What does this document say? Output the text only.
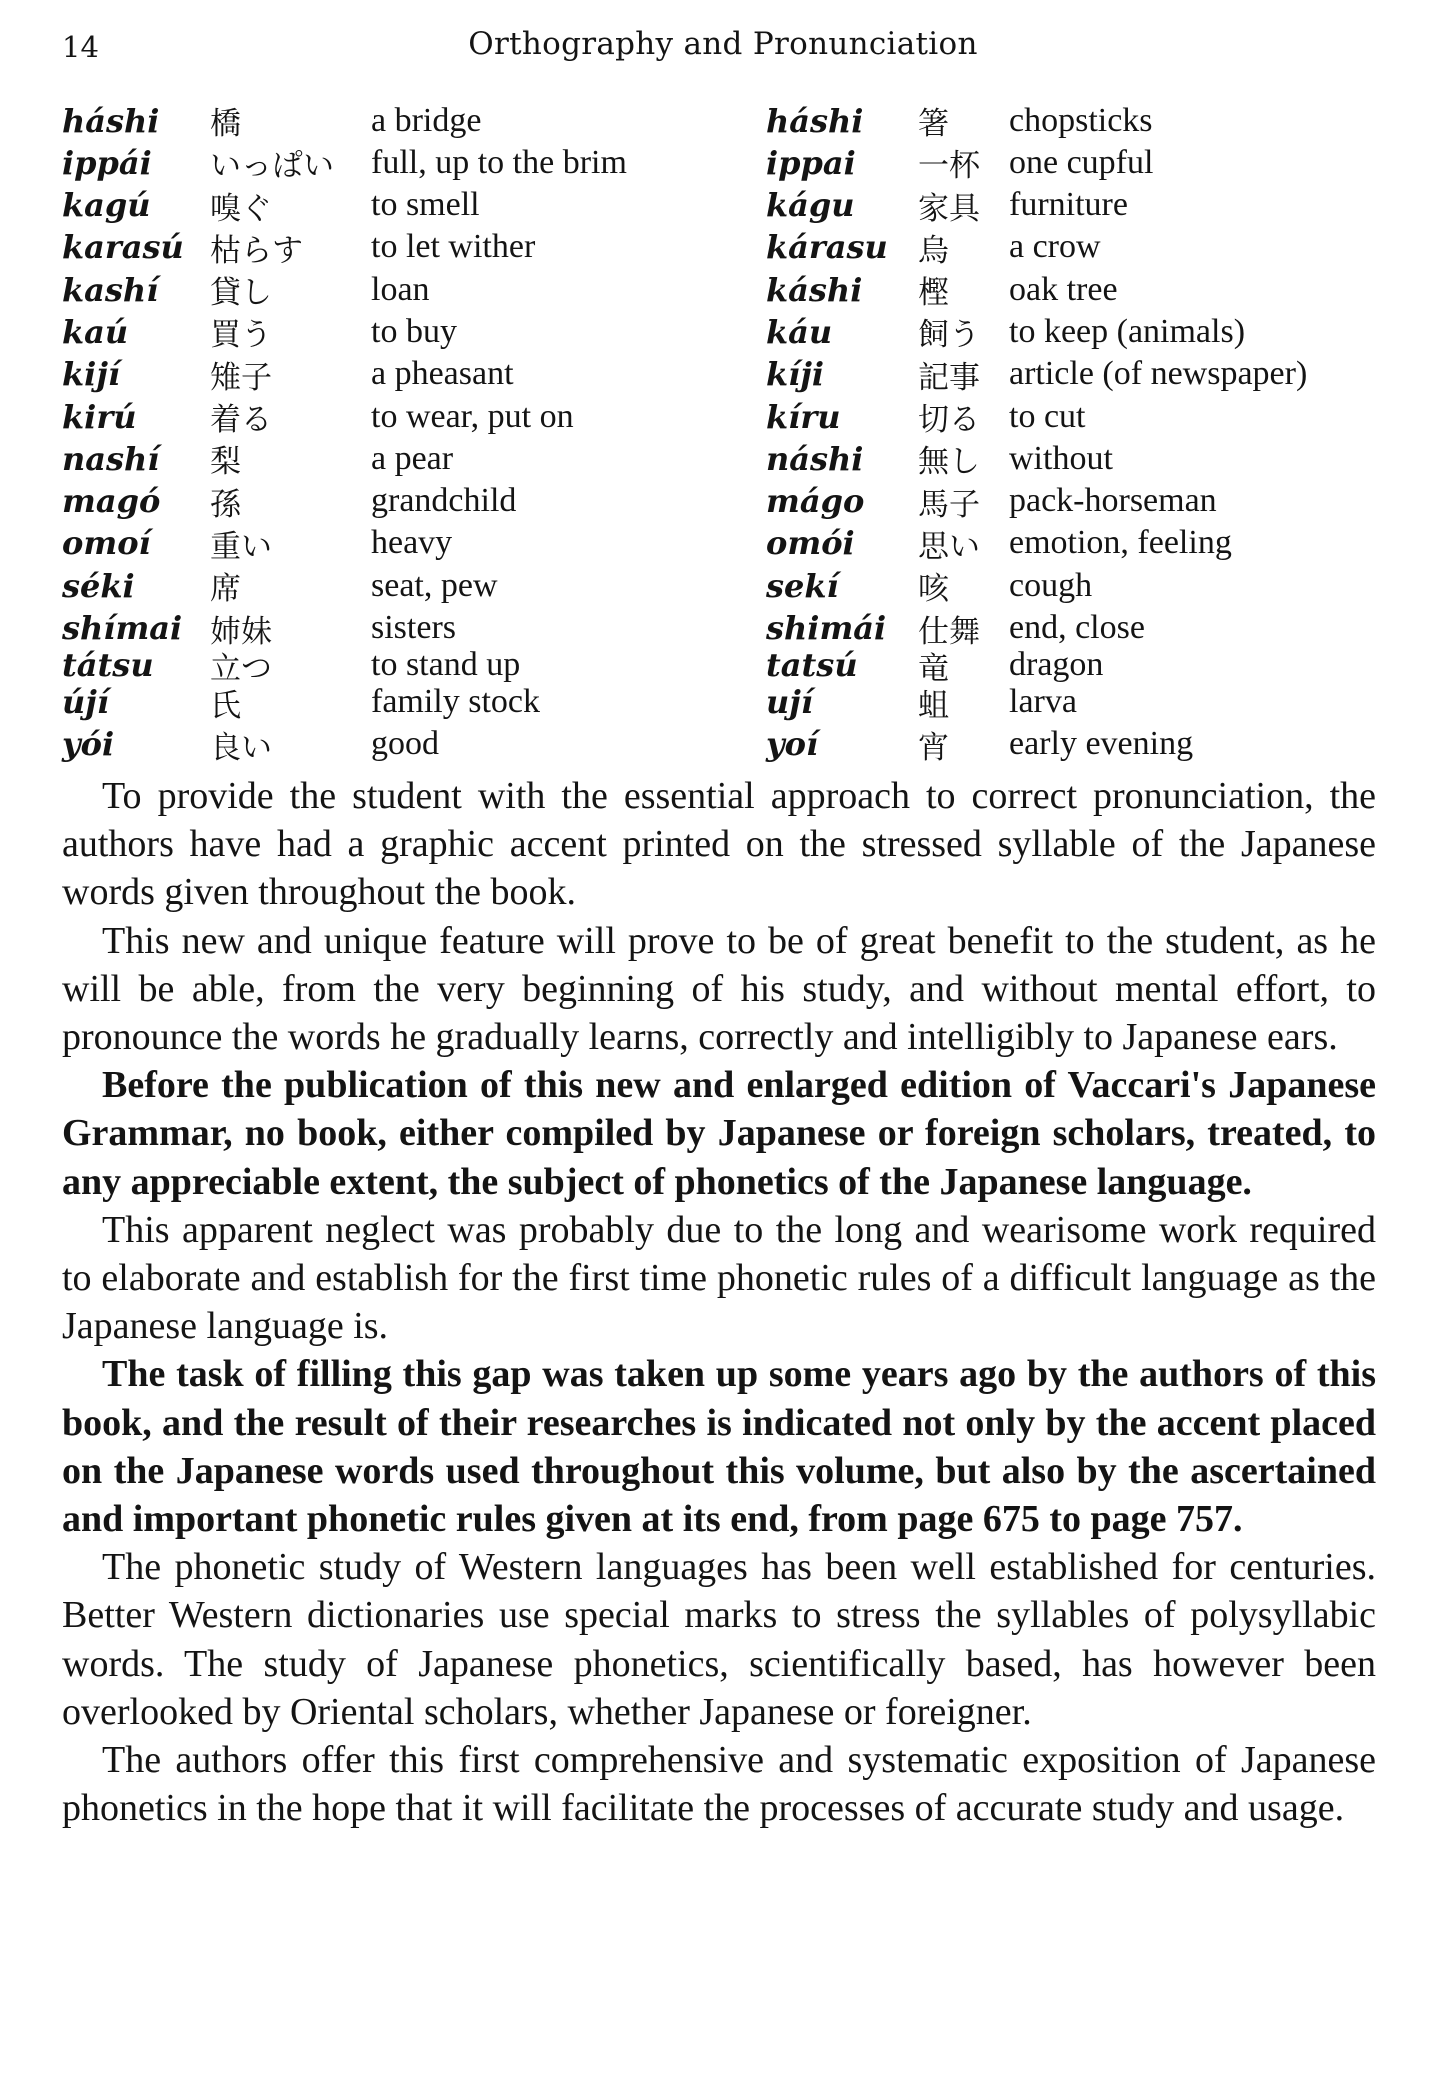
14	Orthography and Pronunciation
háshi	橋	a bridge	háshi	箸	chopsticks
ippái	いっぱい	full, up to the brim	ippai	一杯 one cupful
kagú	嗅ぐ	to smell	kágu	家具 furniture
karasú 枯らす	to let wither	kárasu 烏	a crow
kashí	貸し	loan	káshi	樫	oak tree
kaú	買う	to buy	káu	飼う to keep (animals)
kijí	雉子	a pheasant	kíji	記事 article (of newspaper)
kirú	着る	to wear, put on	kíru	切る to cut
nashí	梨	a pear	náshi	無し without
magó	孫	grandchild	mágo	馬子 pack-horseman
omoí	重い	heavy	omói	思い emotion, feeling
séki	席	seat, pew	sekí	咳	cough
shímai 姉妹	sisters	shimái	仕舞 end, close
tátsu	立つ	to stand up	tatsú	竜	dragon
újí	氏	family stock	ují	蛆	larva
yói	良い	good	yoí	宵	early evening

To provide the student with the essential approach to correct pronunciation, the authors have had a graphic accent printed on the stressed syllable of the Japanese words given throughout the book.

This new and unique feature will prove to be of great benefit to the student, as he will be able, from the very beginning of his study, and without mental effort, to pronounce the words he gradually learns, correctly and intelligibly to Japanese ears.

Before the publication of this new and enlarged edition of Vaccari's Japanese Grammar, no book, either compiled by Japanese or foreign scholars, treated, to any appreciable extent, the subject of phonetics of the Japanese language.

This apparent neglect was probably due to the long and wearisome work required to elaborate and establish for the first time phonetic rules of a difficult language as the Japanese language is.

The task of filling this gap was taken up some years ago by the authors of this book, and the result of their researches is indicated not only by the accent placed on the Japanese words used throughout this volume, but also by the ascertained and important phonetic rules given at its end, from page 675 to page 757.

The phonetic study of Western languages has been well established for centuries. Better Western dictionaries use special marks to stress the syllables of polysyllabic words. The study of Japanese phonetics, scientifically based, has however been overlooked by Oriental scholars, whether Japanese or foreigner.

The authors offer this first comprehensive and systematic exposition of Japanese phonetics in the hope that it will facilitate the processes of accurate study and usage.
